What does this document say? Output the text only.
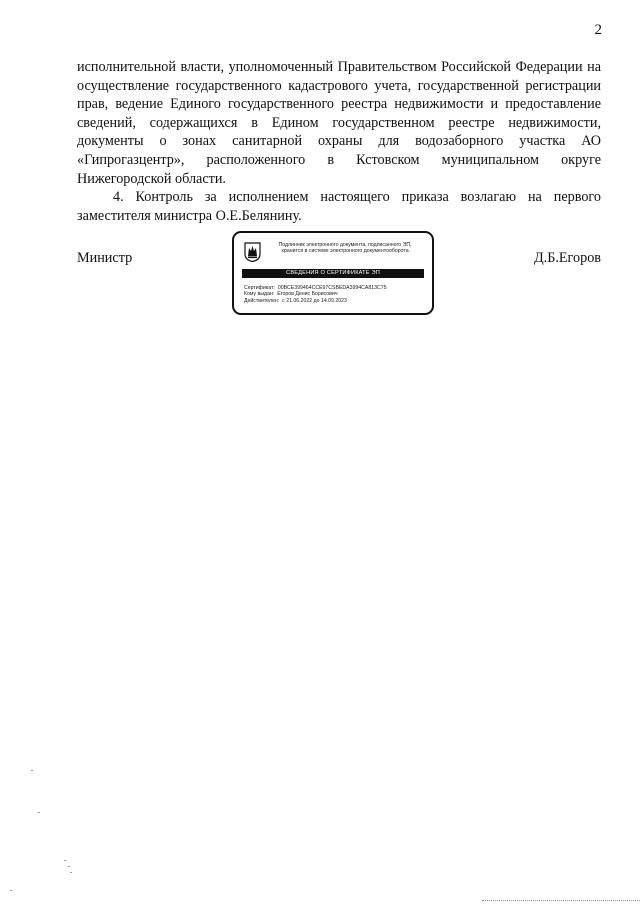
2

исполнительной власти, уполномоченный Правительством Российской Федерации на осуществление государственного кадастрового учета, государственной регистрации прав, ведение Единого государственного реестра недвижимости и предоставление сведений, содержащихся в Едином государственном реестре недвижимости, документы о зонах санитарной охраны для водозаборного участка АО «Гипрогазцентр», расположенного в Кстовском муниципальном округе Нижегородской области.

4. Контроль за исполнением настоящего приказа возлагаю на первого заместителя министра О.Е.Белянину.

Министр	Д.Б.Егоров
Подлинник электронного документа, подписанного ЭП,
хранится в системе электронного документооборота
СВЕДЕНИЯ О СЕРТИФИКАТЕ ЭП
Сертификат: 00BCE399464CCE97CSBEDA3994CA813C75
Кому выдан: Егоров Денис Борисович
Действителен: с 21.06.2022 до 14.09.2023
